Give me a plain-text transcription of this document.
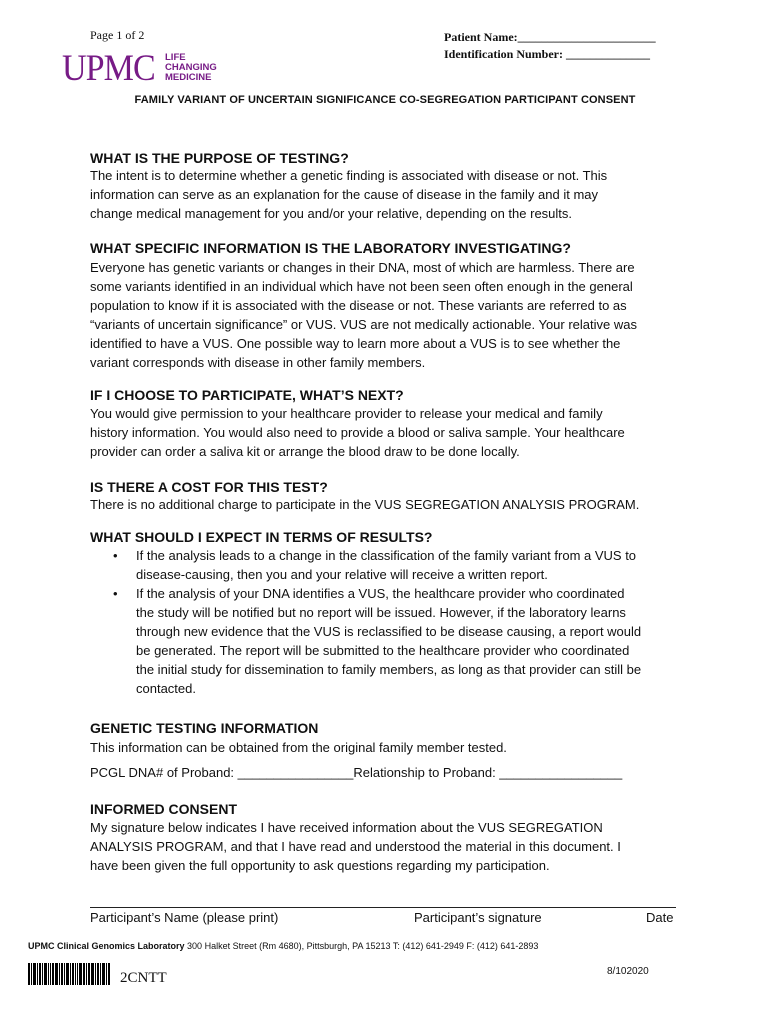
Page 1 of 2	Patient Name:_______________________
Identification Number: ______________
UPMC LIFE
CHANGING
MEDICINE
FAMILY VARIANT OF UNCERTAIN SIGNIFICANCE CO-SEGREGATION PARTICIPANT CONSENT
WHAT IS THE PURPOSE OF TESTING?
The intent is to determine whether a genetic finding is associated with disease or not. This
information can serve as an explanation for the cause of disease in the family and it may
change medical management for you and/or your relative, depending on the results.
WHAT SPECIFIC INFORMATION IS THE LABORATORY INVESTIGATING?
Everyone has genetic variants or changes in their DNA, most of which are harmless. There are
some variants identified in an individual which have not been seen often enough in the general
population to know if it is associated with the disease or not. These variants are referred to as
“variants of uncertain significance” or VUS. VUS are not medically actionable. Your relative was
identified to have a VUS. One possible way to learn more about a VUS is to see whether the
variant corresponds with disease in other family members.
IF I CHOOSE TO PARTICIPATE, WHAT’S NEXT?
You would give permission to your healthcare provider to release your medical and family
history information. You would also need to provide a blood or saliva sample. Your healthcare
provider can order a saliva kit or arrange the blood draw to be done locally.
IS THERE A COST FOR THIS TEST?
There is no additional charge to participate in the VUS SEGREGATION ANALYSIS PROGRAM.
WHAT SHOULD I EXPECT IN TERMS OF RESULTS?
• If the analysis leads to a change in the classification of the family variant from a VUS to
disease-causing, then you and your relative will receive a written report.
• If the analysis of your DNA identifies a VUS, the healthcare provider who coordinated
the study will be notified but no report will be issued. However, if the laboratory learns
through new evidence that the VUS is reclassified to be disease causing, a report would
be generated. The report will be submitted to the healthcare provider who coordinated
the initial study for dissemination to family members, as long as that provider can still be
contacted.
GENETIC TESTING INFORMATION
This information can be obtained from the original family member tested.
PCGL DNA# of Proband: ________________Relationship to Proband: _________________
INFORMED CONSENT
My signature below indicates I have received information about the VUS SEGREGATION
ANALYSIS PROGRAM, and that I have read and understood the material in this document. I
have been given the full opportunity to ask questions regarding my participation.
Participant’s Name (please print)	Participant’s signature	Date
UPMC Clinical Genomics Laboratory 300 Halket Street (Rm 4680), Pittsburgh, PA 15213 T: (412) 641-2949 F: (412) 641-2893
2CNTT	8/102020
